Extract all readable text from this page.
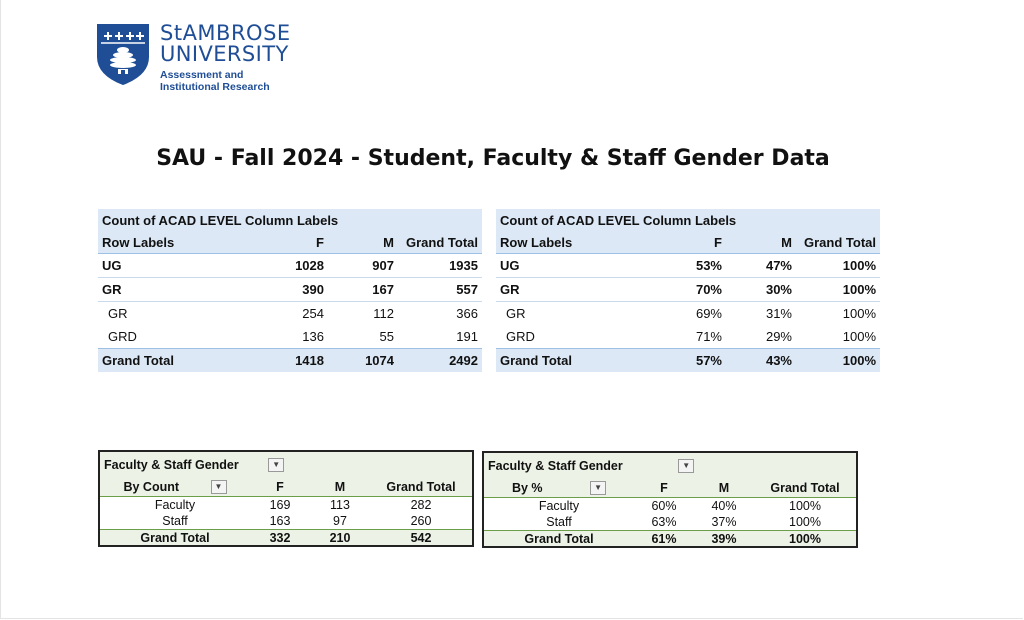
StAMBROSE
UNIVERSITY
Assessment and
Institutional Research
SAU - Fall 2024 - Student, Faculty & Staff Gender Data
Count of ACAD LEVEL Column Labels			
Row Labels	F	M	Grand Total
UG	1028	907	1935
GR	390	167	557
GR	254	112	366
GRD	136	55	191
Grand Total	1418	1074	2492
Count of ACAD LEVEL Column Labels			
Row Labels	F	M	Grand Total
UG	53%	47%	100%
GR	70%	30%	100%
GR	69%	31%	100%
GRD	71%	29%	100%
Grand Total	57%	43%	100%
Faculty & Staff Gender ▼			
By Count ▼	F	M	Grand Total
Faculty	169	113	282
Staff	163	97	260
Grand Total	332	210	542
Faculty & Staff Gender ▼			
By % ▼	F	M	Grand Total
Faculty	60%	40%	100%
Staff	63%	37%	100%
Grand Total	61%	39%	100%
